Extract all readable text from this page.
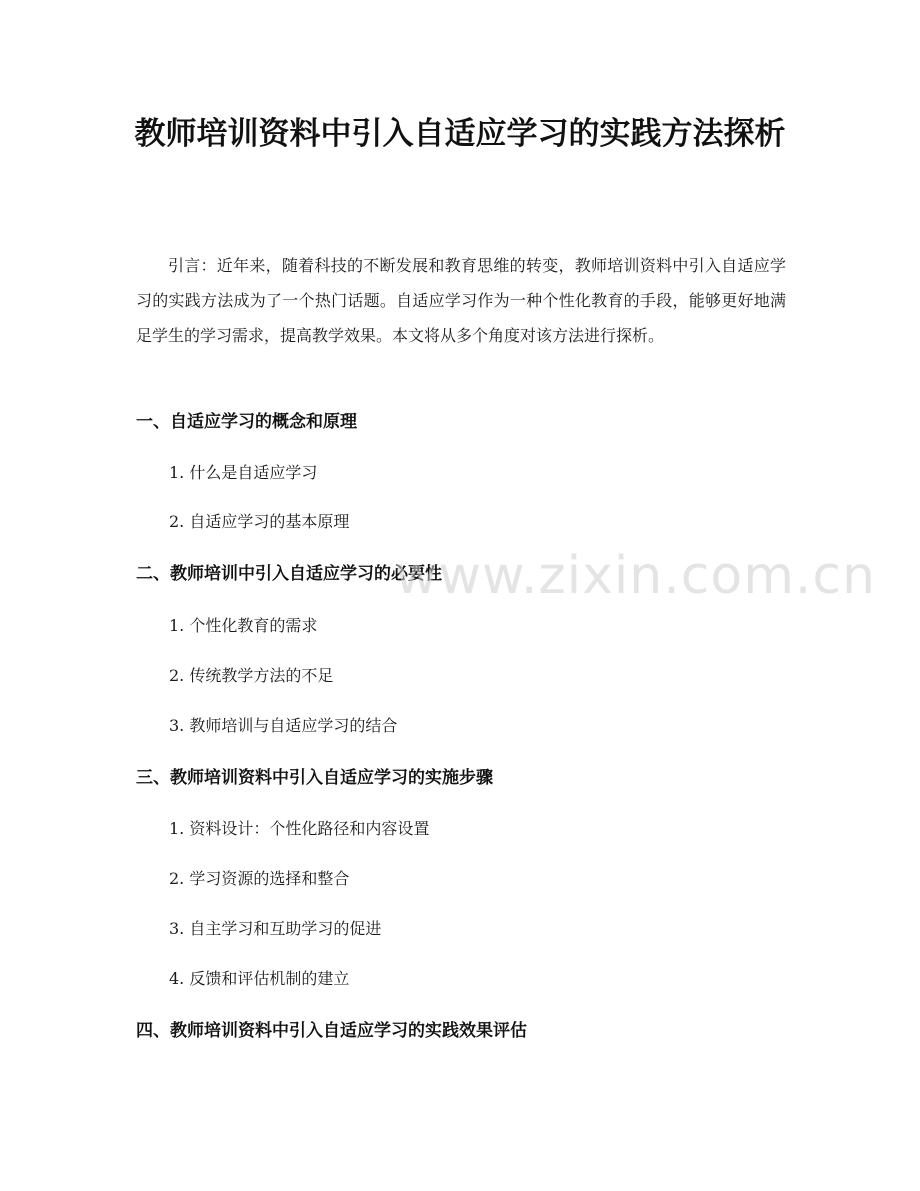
教师培训资料中引入自适应学习的实践方法探析

引言：近年来，随着科技的不断发展和教育思维的转变，教师培训资料中引入自适应学习的实践方法成为了一个热门话题。自适应学习作为一种个性化教育的手段，能够更好地满足学生的学习需求，提高教学效果。本文将从多个角度对该方法进行探析。

一、自适应学习的概念和原理

1. 什么是自适应学习

2. 自适应学习的基本原理

二、教师培训中引入自适应学习的必要性

1. 个性化教育的需求

2. 传统教学方法的不足

3. 教师培训与自适应学习的结合

三、教师培训资料中引入自适应学习的实施步骤

1. 资料设计：个性化路径和内容设置

2. 学习资源的选择和整合

3. 自主学习和互助学习的促进

4. 反馈和评估机制的建立

四、教师培训资料中引入自适应学习的实践效果评估
www.zixin.com.cn
